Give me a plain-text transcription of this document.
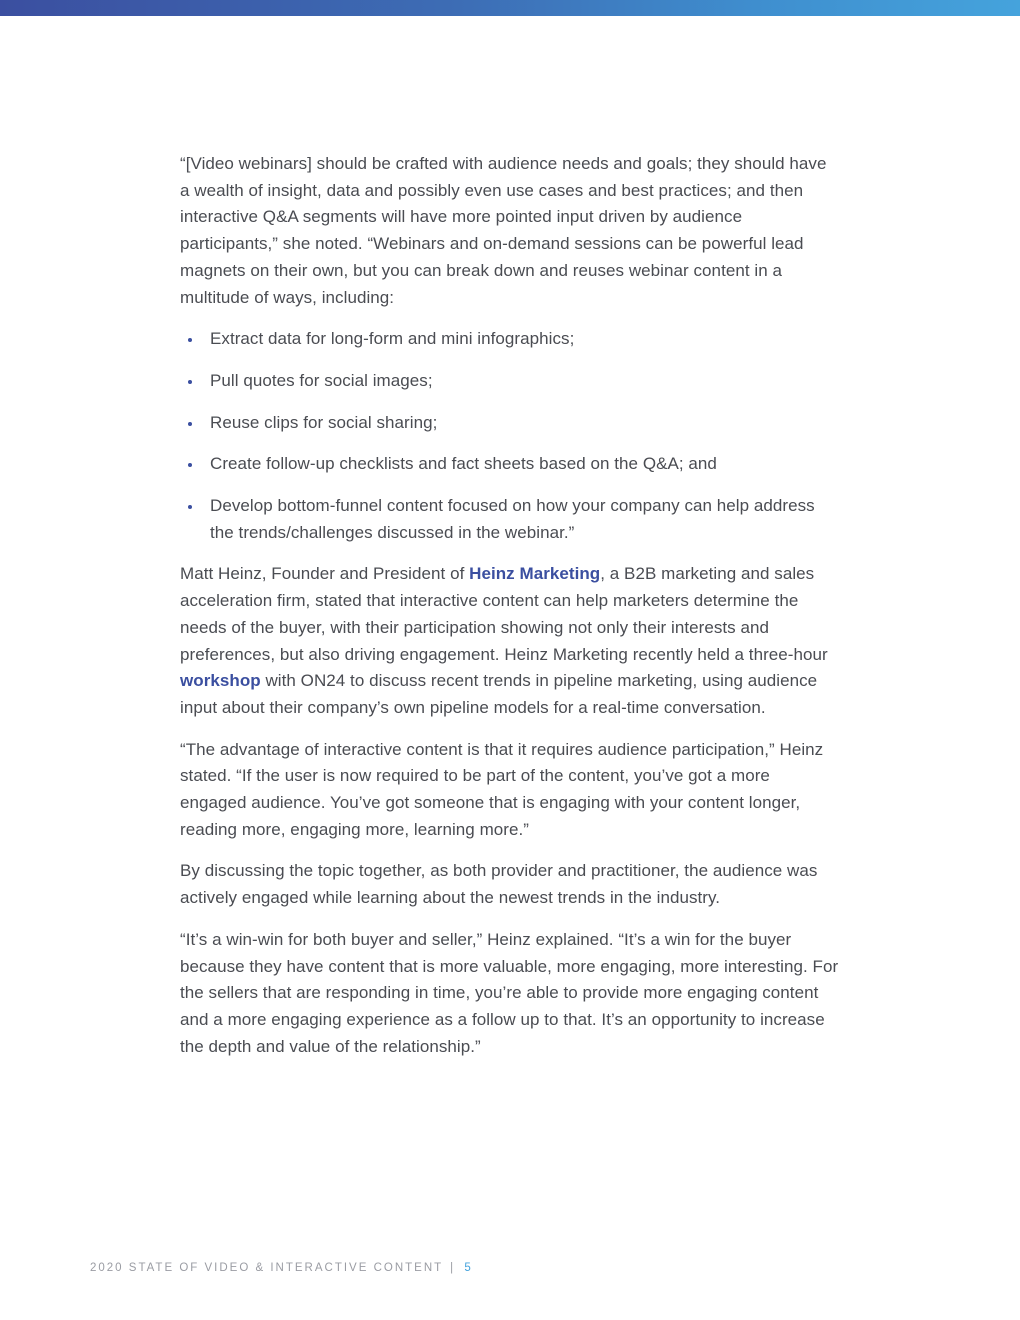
“[Video webinars] should be crafted with audience needs and goals; they should have a wealth of insight, data and possibly even use cases and best practices; and then interactive Q&A segments will have more pointed input driven by audience participants,” she noted. “Webinars and on-demand sessions can be powerful lead magnets on their own, but you can break down and reuses webinar content in a multitude of ways, including:

Extract data for long-form and mini infographics;
Pull quotes for social images;
Reuse clips for social sharing;
Create follow-up checklists and fact sheets based on the Q&A; and
Develop bottom-funnel content focused on how your company can help address the trends/challenges discussed in the webinar.”

Matt Heinz, Founder and President of Heinz Marketing, a B2B marketing and sales acceleration firm, stated that interactive content can help marketers determine the needs of the buyer, with their participation showing not only their interests and preferences, but also driving engagement. Heinz Marketing recently held a three-hour workshop with ON24 to discuss recent trends in pipeline marketing, using audience input about their company’s own pipeline models for a real-time conversation.

“The advantage of interactive content is that it requires audience participation,” Heinz stated. “If the user is now required to be part of the content, you’ve got a more engaged audience. You’ve got someone that is engaging with your content longer, reading more, engaging more, learning more.”

By discussing the topic together, as both provider and practitioner, the audience was actively engaged while learning about the newest trends in the industry.

“It’s a win-win for both buyer and seller,” Heinz explained. “It’s a win for the buyer because they have content that is more valuable, more engaging, more interesting. For the sellers that are responding in time, you’re able to provide more engaging content and a more engaging experience as a follow up to that. It’s an opportunity to increase the depth and value of the relationship.”

2020 STATE OF VIDEO & INTERACTIVE CONTENT | 5
